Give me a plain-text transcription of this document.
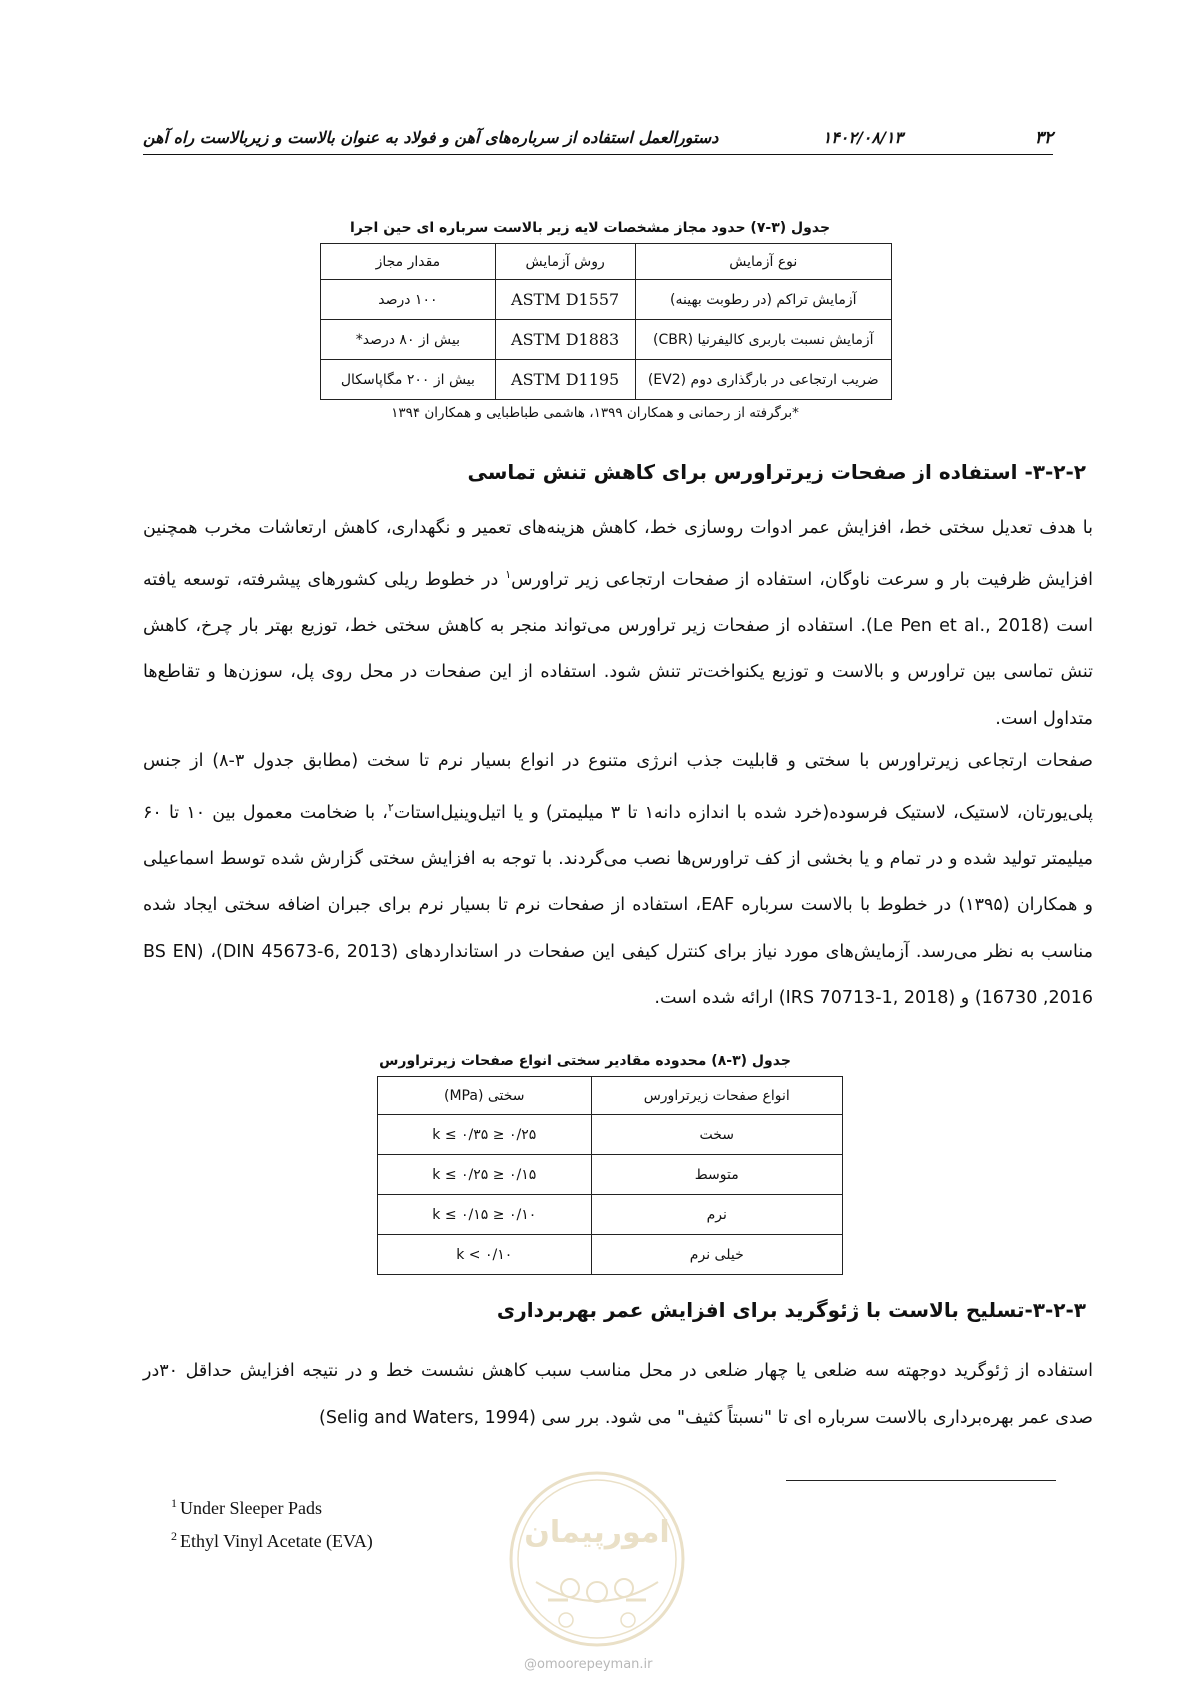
۳۲
۱۴۰۲/۰۸/۱۳
دستورالعمل استفاده از سرباره‌های آهن و فولاد به عنوان بالاست و زیربالاست راه آهن
جدول (۳-۷) حدود مجاز مشخصات لایه زیر بالاست سرباره ای حین اجرا
نوع آزمایش	روش آزمایش	مقدار مجاز
آزمایش تراکم (در رطوبت بهینه)	ASTM D1557	۱۰۰ درصد
آزمایش نسبت باربری کالیفرنیا (CBR)	ASTM D1883	بیش از ۸۰ درصد*
ضریب ارتجاعی در بارگذاری دوم (EV2)	ASTM D1195	بیش از ۲۰۰ مگاپاسکال
*برگرفته از رحمانی و همکاران ۱۳۹۹، هاشمی طباطبایی و همکاران ۱۳۹۴
۳-۲-۲- استفاده از صفحات زیرتراورس برای کاهش تنش تماسی

با هدف تعدیل سختی خط، افزایش عمر ادوات روسازی خط، کاهش هزینه‌های تعمیر و نگهداری، کاهش ارتعاشات مخرب همچنین افزایش ظرفیت بار و سرعت ناوگان، استفاده از صفحات ارتجاعی زیر تراورس$^۱$ در خطوط ریلی کشورهای پیشرفته، توسعه یافته است (Le Pen et al., 2018). استفاده از صفحات زیر تراورس می‌تواند منجر به کاهش سختی خط، توزیع بهتر بار چرخ، کاهش تنش تماسی بین تراورس و بالاست و توزیع یکنواخت‌تر تنش شود. استفاده از این صفحات در محل روی پل، سوزن‌ها و تقاطع‌ها متداول است.

صفحات ارتجاعی زیرتراورس با سختی و قابلیت جذب انرژی متنوع در انواع بسیار نرم تا سخت (مطابق جدول ۳-۸) از جنس پلی‌یورتان، لاستیک، لاستیک فرسوده(خرد شده با اندازه دانه۱ تا ۳ میلیمتر) و یا اتیل‌وینیل‌استات$^۲$، با ضخامت معمول بین ۱۰ تا ۶۰ میلیمتر تولید شده و در تمام و یا بخشی از کف تراورس‌ها نصب می‌گردند. با توجه به افزایش سختی گزارش شده توسط اسماعیلی و همکاران (۱۳۹۵) در خطوط با بالاست سرباره EAF، استفاده از صفحات نرم تا بسیار نرم برای جبران اضافه سختی ایجاد شده مناسب به نظر می‌رسد. آزمایش‌های مورد نیاز برای کنترل کیفی این صفحات در استانداردهای (DIN 45673-6, 2013)، (BS EN 16730 ,2016) و (IRS 70713-1, 2018) ارائه شده است.

جدول (۳-۸) محدوده مقادیر سختی انواع صفحات زیرتراورس
انواع صفحات زیرتراورس	سختی (MPa)
سخت	۰/۲۵ ≤ k ≤ ۰/۳۵
متوسط	۰/۱۵ ≤ k ≤ ۰/۲۵
نرم	۰/۱۰ ≤ k ≤ ۰/۱۵
خیلی نرم	k < ۰/۱۰
۳-۲-۳-تسلیح بالاست با ژئوگرید برای افزایش عمر بهربرداری

استفاده از ژئوگرید دوجهته سه ضلعی یا چهار ضلعی در محل مناسب سبب کاهش نشست خط و در نتیجه افزایش حداقل ۳۰در صدی عمر بهره‌برداری بالاست سرباره ای تا "نسبتاً کثیف" می شود. برر سی (Selig and Waters, 1994)

$^1$ Under Sleeper Pads
$^2$ Ethyl Vinyl Acetate (EVA)	امورپیمان
@omoorepeyman.ir
